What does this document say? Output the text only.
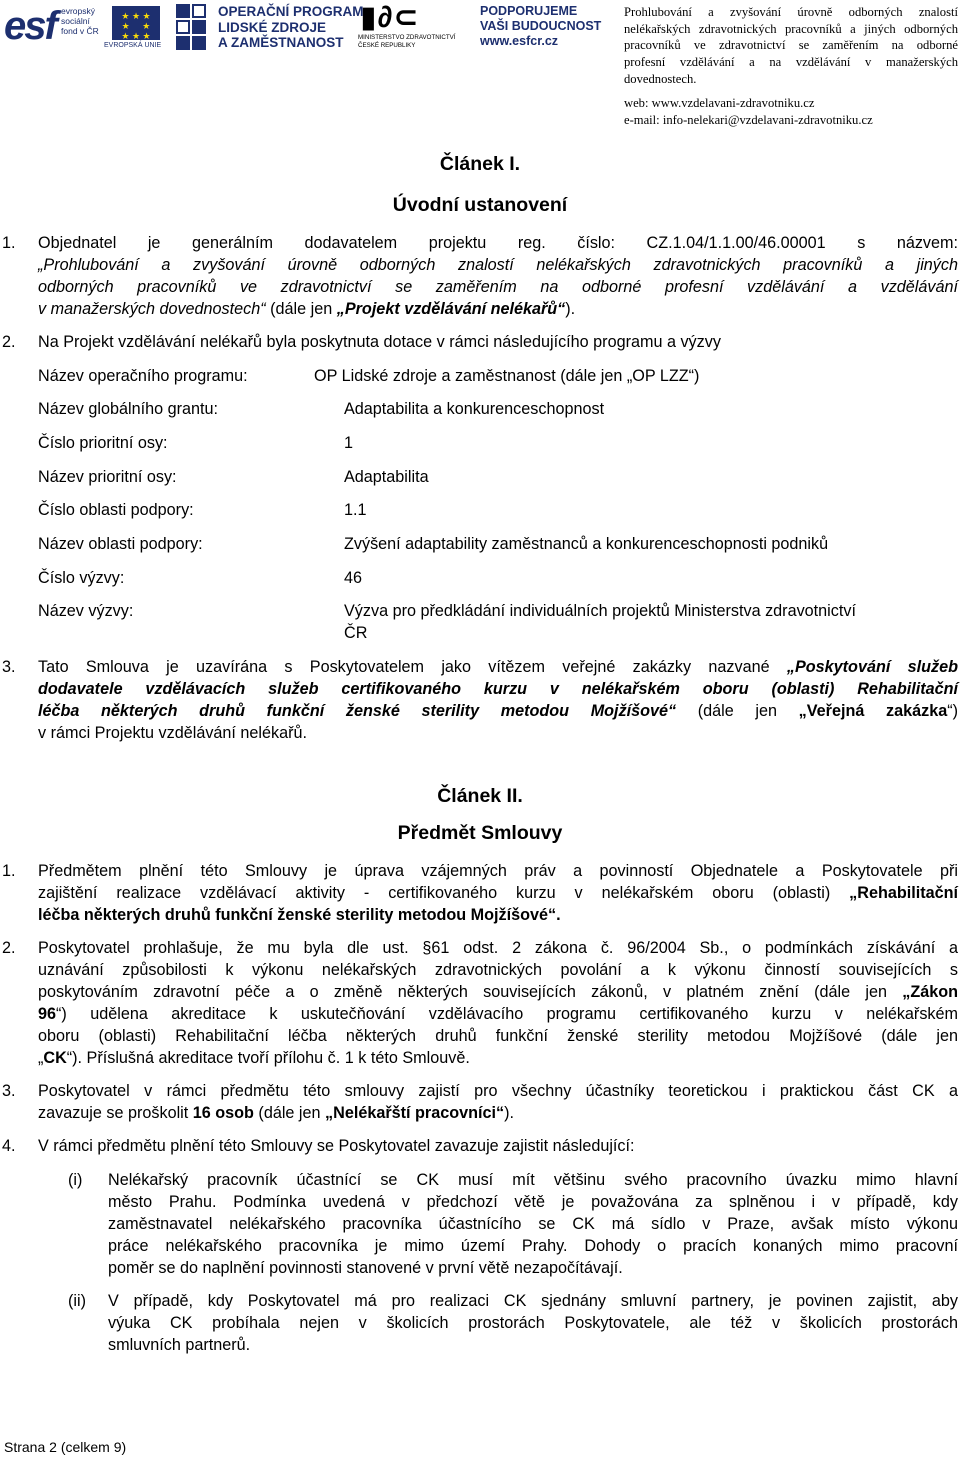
esf evropský
sociální
fond v ČR
★ ★ ★
★     ★
★ ★ ★
EVROPSKÁ UNIE
OPERAČNÍ PROGRAM
LIDSKÉ ZDROJE
A ZAMĚSTNANOST
▮∂⊂
MINISTERSTVO ZDRAVOTNICTVÍ
ČESKÉ REPUBLIKY
PODPORUJEME
VAŠI BUDOUCNOST
www.esfcr.cz
Prohlubování a zvyšování úrovně odborných znalostí
nelékařských zdravotnických pracovníků a jiných odborných
pracovníků ve zdravotnictví se zaměřením na odborné
profesní vzdělávání a na vzdělávání v manažerských
dovednostech.
web: www.vzdelavani-zdravotniku.cz
e-mail: info-nelekari@vzdelavani-zdravotniku.cz
Článek I.
Úvodní ustanovení
1. Objednatel je generálním dodavatelem projektu reg. číslo: CZ.1.04/1.1.00/46.00001 s názvem:
„Prohlubování a zvyšování úrovně odborných znalostí nelékařských zdravotnických pracovníků a jiných
odborných pracovníků ve zdravotnictví se zaměřením na odborné profesní vzdělávání a vzdělávání
v manažerských dovednostech“ (dále jen „Projekt vzdělávání nelékařů“).
2. Na Projekt vzdělávání nelékařů byla poskytnuta dotace v rámci následujícího programu a výzvy
Název operačního programu:	OP Lidské zdroje a zaměstnanost (dále jen „OP LZZ“)
Název globálního grantu:	Adaptabilita a konkurenceschopnost
Číslo prioritní osy:	1
Název prioritní osy:	Adaptabilita
Číslo oblasti podpory:	1.1
Název oblasti podpory:	Zvýšení adaptability zaměstnanců a konkurenceschopnosti podniků
Číslo výzvy:	46
Název výzvy:	Výzva pro předkládání individuálních projektů Ministerstva zdravotnictví
ČR
3. Tato Smlouva je uzavírána s Poskytovatelem jako vítězem veřejné zakázky nazvané „Poskytování služeb
dodavatele vzdělávacích služeb certifikovaného kurzu v nelékařském oboru (oblasti) Rehabilitační
léčba některých druhů funkční ženské sterility metodou Mojžíšové“ (dále jen „Veřejná zakázka“)
v rámci Projektu vzdělávání nelékařů.
Článek II.
Předmět Smlouvy
1. Předmětem plnění této Smlouvy je úprava vzájemných práv a povinností Objednatele a Poskytovatele při
zajištění realizace vzdělávací aktivity - certifikovaného kurzu v nelékařském oboru (oblasti) „Rehabilitační
léčba některých druhů funkční ženské sterility metodou Mojžíšové“.
2. Poskytovatel prohlašuje, že mu byla dle ust. §61 odst. 2 zákona č. 96/2004 Sb., o podmínkách získávání a
uznávání způsobilosti k výkonu nelékařských zdravotnických povolání a k výkonu činností souvisejících s
poskytováním zdravotní péče a o změně některých souvisejících zákonů, v platném znění (dále jen „Zákon
96“) udělena akreditace k uskutečňování vzdělávacího programu certifikovaného kurzu v nelékařském
oboru (oblasti) Rehabilitační léčba některých druhů funkční ženské sterility metodou Mojžíšové (dále jen
„CK“). Příslušná akreditace tvoří přílohu č. 1 k této Smlouvě.
3. Poskytovatel v rámci předmětu této smlouvy zajistí pro všechny účastníky teoretickou i praktickou část CK a
zavazuje se proškolit 16 osob (dále jen „Nelékařští pracovníci“).
4. V rámci předmětu plnění této Smlouvy se Poskytovatel zavazuje zajistit následující:
(i) Nelékařský pracovník účastnící se CK musí mít většinu svého pracovního úvazku mimo hlavní
město Prahu. Podmínka uvedená v předchozí větě je považována za splněnou i v případě, kdy
zaměstnavatel nelékařského pracovníka účastnícího se CK má sídlo v Praze, avšak místo výkonu
práce nelékařského pracovníka je mimo území Prahy. Dohody o pracích konaných mimo pracovní
poměr se do naplnění povinnosti stanovené v první větě nezapočítávají.
(ii) V případě, kdy Poskytovatel má pro realizaci CK sjednány smluvní partnery, je povinen zajistit, aby
výuka CK probíhala nejen v školicích prostorách Poskytovatele, ale též v školicích prostorách
smluvních partnerů.
Strana 2 (celkem 9)
